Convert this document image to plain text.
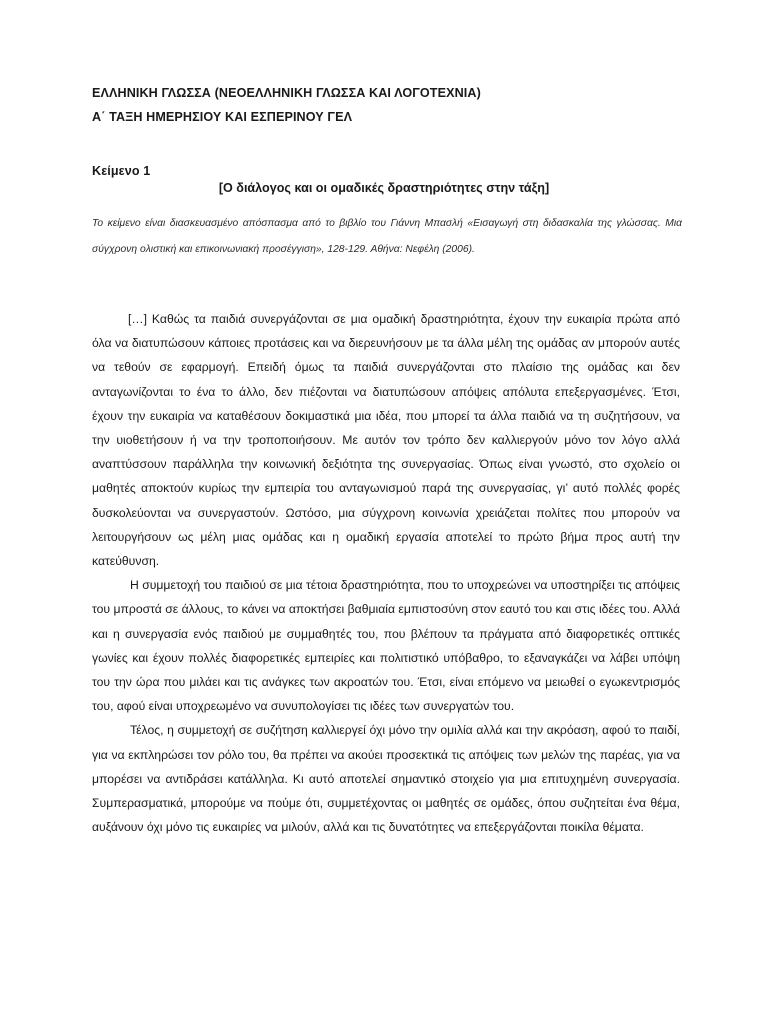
ΕΛΛΗΝΙΚΗ ΓΛΩΣΣΑ (ΝΕΟΕΛΛΗΝΙΚΗ ΓΛΩΣΣΑ ΚΑΙ ΛΟΓΟΤΕΧΝΙΑ)
Α΄ ΤΑΞΗ ΗΜΕΡΗΣΙΟΥ ΚΑΙ ΕΣΠΕΡΙΝΟΥ ΓΕΛ
Κείμενο 1
[Ο διάλογος και οι ομαδικές δραστηριότητες στην τάξη]
Το κείμενο είναι διασκευασμένο απόσπασμα από το βιβλίο του Γιάννη Μπασλή «Εισαγωγή στη διδασκαλία της γλώσσας. Μια σύγχρονη ολιστική και επικοινωνιακή προσέγγιση», 128-129. Αθήνα: Νεφέλη (2006).

[…] Καθώς τα παιδιά συνεργάζονται σε μια ομαδική δραστηριότητα, έχουν την ευκαιρία πρώτα από όλα να διατυπώσουν κάποιες προτάσεις και να διερευνήσουν με τα άλλα μέλη της ομάδας αν μπορούν αυτές να τεθούν σε εφαρμογή. Επειδή όμως τα παιδιά συνεργάζονται στο πλαίσιο της ομάδας και δεν ανταγωνίζονται το ένα το άλλο, δεν πιέζονται να διατυπώσουν απόψεις απόλυτα επεξεργασμένες. Έτσι, έχουν την ευκαιρία να καταθέσουν δοκιμαστικά μια ιδέα, που μπορεί τα άλλα παιδιά να τη συζητήσουν, να την υιοθετήσουν ή να την τροποποιήσουν. Με αυτόν τον τρόπο δεν καλλιεργούν μόνο τον λόγο αλλά αναπτύσσουν παράλληλα την κοινωνική δεξιότητα της συνεργασίας. Όπως είναι γνωστό, στο σχολείο οι μαθητές αποκτούν κυρίως την εμπειρία του ανταγωνισμού παρά της συνεργασίας, γι’ αυτό πολλές φορές δυσκολεύονται να συνεργαστούν. Ωστόσο, μια σύγχρονη κοινωνία χρειάζεται πολίτες που μπορούν να λειτουργήσουν ως μέλη μιας ομάδας και η ομαδική εργασία αποτελεί το πρώτο βήμα προς αυτή την κατεύθυνση.

Η συμμετοχή του παιδιού σε μια τέτοια δραστηριότητα, που το υποχρεώνει να υποστηρίξει τις απόψεις του μπροστά σε άλλους, το κάνει να αποκτήσει βαθμιαία εμπιστοσύνη στον εαυτό του και στις ιδέες του. Αλλά και η συνεργασία ενός παιδιού με συμμαθητές του, που βλέπουν τα πράγματα από διαφορετικές οπτικές γωνίες και έχουν πολλές διαφορετικές εμπειρίες και πολιτιστικό υπόβαθρο, το εξαναγκάζει να λάβει υπόψη του την ώρα που μιλάει και τις ανάγκες των ακροατών του. Έτσι, είναι επόμενο να μειωθεί ο εγωκεντρισμός του, αφού είναι υποχρεωμένο να συνυπολογίσει τις ιδέες των συνεργατών του.

Τέλος, η συμμετοχή σε συζήτηση καλλιεργεί όχι μόνο την ομιλία αλλά και την ακρόαση, αφού το παιδί, για να εκπληρώσει τον ρόλο του, θα πρέπει να ακούει προσεκτικά τις απόψεις των μελών της παρέας, για να μπορέσει να αντιδράσει κατάλληλα. Κι αυτό αποτελεί σημαντικό στοιχείο για μια επιτυχημένη συνεργασία. Συμπερασματικά, μπορούμε να πούμε ότι, συμμετέχοντας οι μαθητές σε ομάδες, όπου συζητείται ένα θέμα, αυξάνουν όχι μόνο τις ευκαιρίες να μιλούν, αλλά και τις δυνατότητες να επεξεργάζονται ποικίλα θέματα.
